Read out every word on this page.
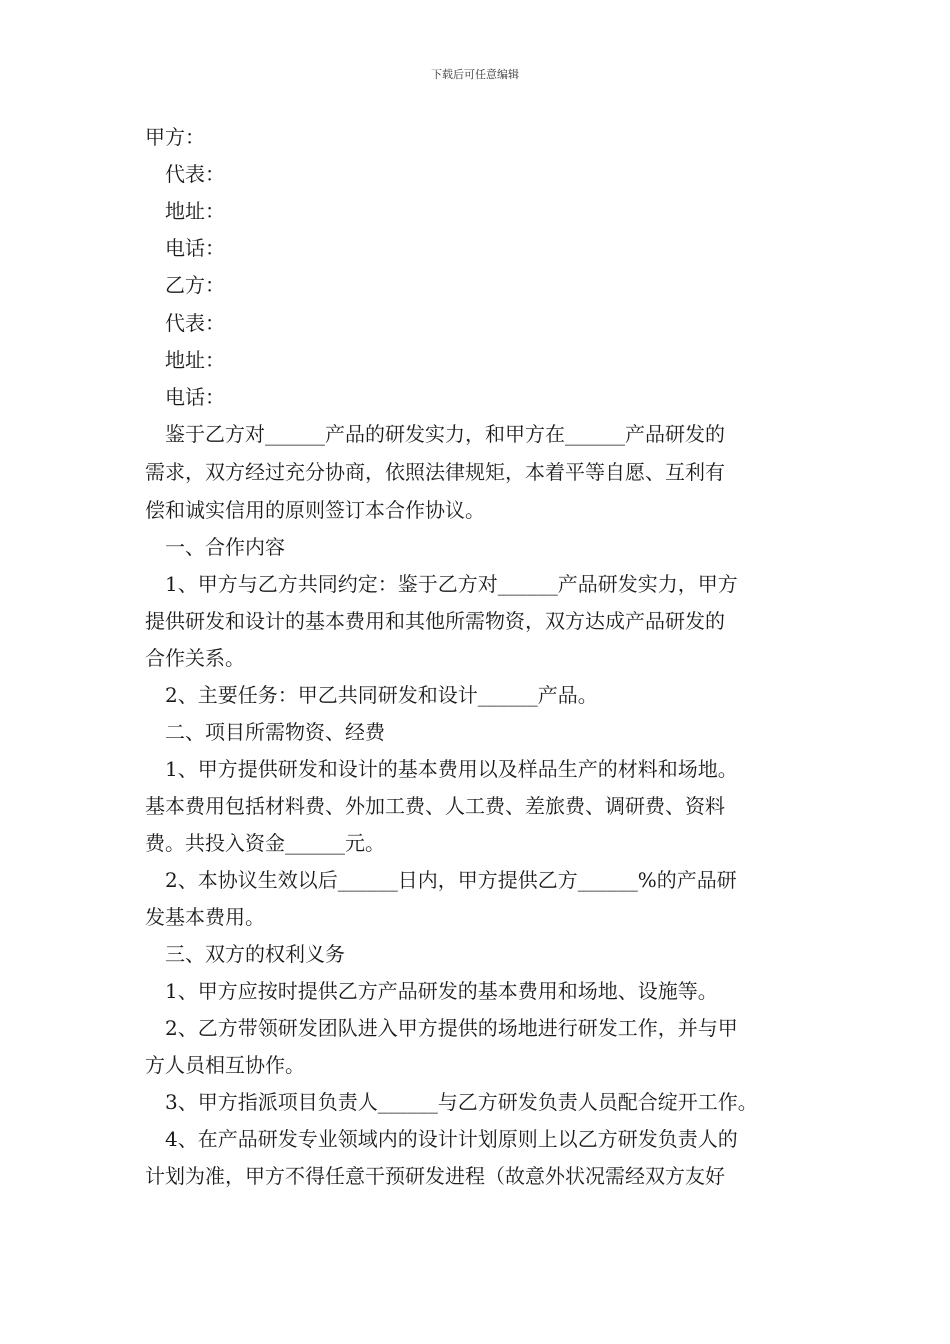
下载后可任意编辑
甲方：
代表：
地址：
电话：
乙方：
代表：
地址：
电话：
鉴于乙方对______产品的研发实力，和甲方在______产品研发的
需求，双方经过充分协商，依照法律规矩，本着平等自愿、互利有
偿和诚实信用的原则签订本合作协议。
一、合作内容
1、甲方与乙方共同约定：鉴于乙方对______产品研发实力，甲方
提供研发和设计的基本费用和其他所需物资，双方达成产品研发的
合作关系。
2、主要任务：甲乙共同研发和设计______产品。
二、项目所需物资、经费
1、甲方提供研发和设计的基本费用以及样品生产的材料和场地。
基本费用包括材料费、外加工费、人工费、差旅费、调研费、资料
费。共投入资金______元。
2、本协议生效以后______日内，甲方提供乙方______%的产品研
发基本费用。
三、双方的权利义务
1、甲方应按时提供乙方产品研发的基本费用和场地、设施等。
2、乙方带领研发团队进入甲方提供的场地进行研发工作，并与甲
方人员相互协作。
3、甲方指派项目负责人______与乙方研发负责人员配合绽开工作。
4、在产品研发专业领域内的设计计划原则上以乙方研发负责人的
计划为准，甲方不得任意干预研发进程（故意外状况需经双方友好
